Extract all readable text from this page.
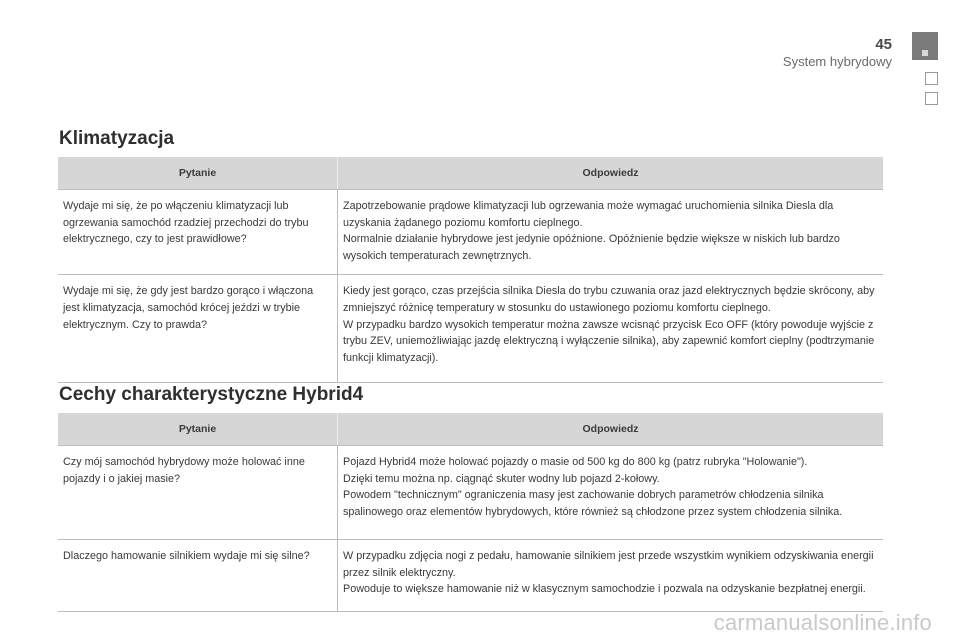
45
System hybrydowy
Klimatyzacja
Pytanie	Odpowiedz
Wydaje mi się, że po włączeniu klimatyzacji lub ogrzewania samochód rzadziej przechodzi do trybu elektrycznego, czy to jest prawidłowe?	Zapotrzebowanie prądowe klimatyzacji lub ogrzewania może wymagać uruchomienia silnika Diesla dla uzyskania żądanego poziomu komfortu cieplnego.
Normalnie działanie hybrydowe jest jedynie opóźnione. Opóźnienie będzie większe w niskich lub bardzo wysokich temperaturach zewnętrznych.
Wydaje mi się, że gdy jest bardzo gorąco i włączona jest klimatyzacja, samochód krócej jeździ w trybie elektrycznym. Czy to prawda?	Kiedy jest gorąco, czas przejścia silnika Diesla do trybu czuwania oraz jazd elektrycznych będzie skrócony, aby zmniejszyć różnicę temperatury w stosunku do ustawionego poziomu komfortu cieplnego.
W przypadku bardzo wysokich temperatur można zawsze wcisnąć przycisk Eco OFF (który powoduje wyjście z trybu ZEV, uniemożliwiając jazdę elektryczną i wyłączenie silnika), aby zapewnić komfort cieplny (podtrzymanie funkcji klimatyzacji).
Cechy charakterystyczne Hybrid4
Pytanie	Odpowiedz
Czy mój samochód hybrydowy może holować inne pojazdy i o jakiej masie?	Pojazd Hybrid4 może holować pojazdy o masie od 500 kg do 800 kg (patrz rubryka "Holowanie").
Dzięki temu można np. ciągnąć skuter wodny lub pojazd 2-kołowy.
Powodem "technicznym" ograniczenia masy jest zachowanie dobrych parametrów chłodzenia silnika spalinowego oraz elementów hybrydowych, które również są chłodzone przez system chłodzenia silnika.
Dlaczego hamowanie silnikiem wydaje mi się silne?	W przypadku zdjęcia nogi z pedału, hamowanie silnikiem jest przede wszystkim wynikiem odzyskiwania energii przez silnik elektryczny.
Powoduje to większe hamowanie niż w klasycznym samochodzie i pozwala na odzyskanie bezpłatnej energii.
carmanualsonline.info
